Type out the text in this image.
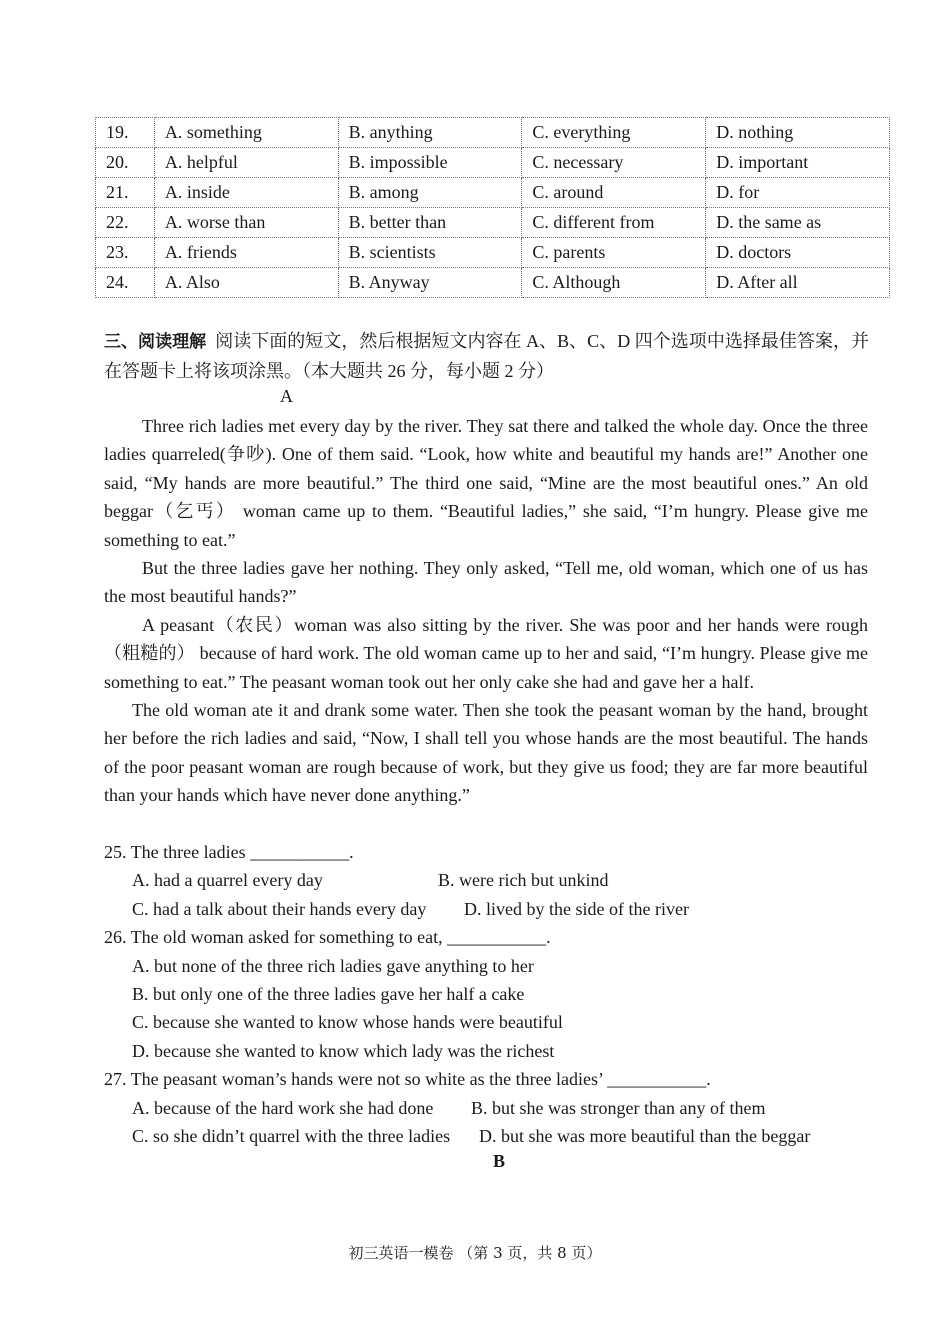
19.	A. something	B. anything	C. everything	D. nothing
20.	A. helpful	B. impossible	C. necessary	D. important
21.	A. inside	B. among	C. around	D. for
22.	A. worse than	B. better than	C. different from	D. the same as
23.	A. friends	B. scientists	C. parents	D. doctors
24.	A. Also	B. Anyway	C. Although	D. After all
三、阅读理解 阅读下面的短文，然后根据短文内容在 A、B、C、D 四个选项中选择最佳答案，并在答题卡上将该项涂黑。（本大题共 26 分，每小题 2 分）
A

Three rich ladies met every day by the river. They sat there and talked the whole day. Once the three ladies quarreled(争吵). One of them said. “Look, how white and beautiful my hands are!” Another one said, “My hands are more beautiful.” The third one said, “Mine are the most beautiful ones.” An old beggar（乞丐） woman came up to them. “Beautiful ladies,” she said, “I’m hungry. Please give me something to eat.”

But the three ladies gave her nothing. They only asked, “Tell me, old woman, which one of us has the most beautiful hands?”

A peasant（农民）woman was also sitting by the river. She was poor and her hands were rough（粗糙的） because of hard work. The old woman came up to her and said, “I’m hungry. Please give me something to eat.” The peasant woman took out her only cake she had and gave her a half.

The old woman ate it and drank some water. Then she took the peasant woman by the hand, brought her before the rich ladies and said, “Now, I shall tell you whose hands are the most beautiful. The hands of the poor peasant woman are rough because of work, but they give us food; they are far more beautiful than your hands which have never done anything.”

25. The three ladies ___________.

A. had a quarrel every day	B. were rich but unkind
C. had a talk about their hands every day	D. lived by the side of the river

26. The old woman asked for something to eat, ___________.

A. but none of the three rich ladies gave anything to her

B. but only one of the three ladies gave her half a cake

C. because she wanted to know whose hands were beautiful

D. because she wanted to know which lady was the richest

27. The peasant woman’s hands were not so white as the three ladies’ ___________.

A. because of the hard work she had done	B. but she was stronger than any of them
C. so she didn’t quarrel with the three ladies	D. but she was more beautiful than the beggar
B
初三英语一模卷 （第 3 页，共 8 页）
